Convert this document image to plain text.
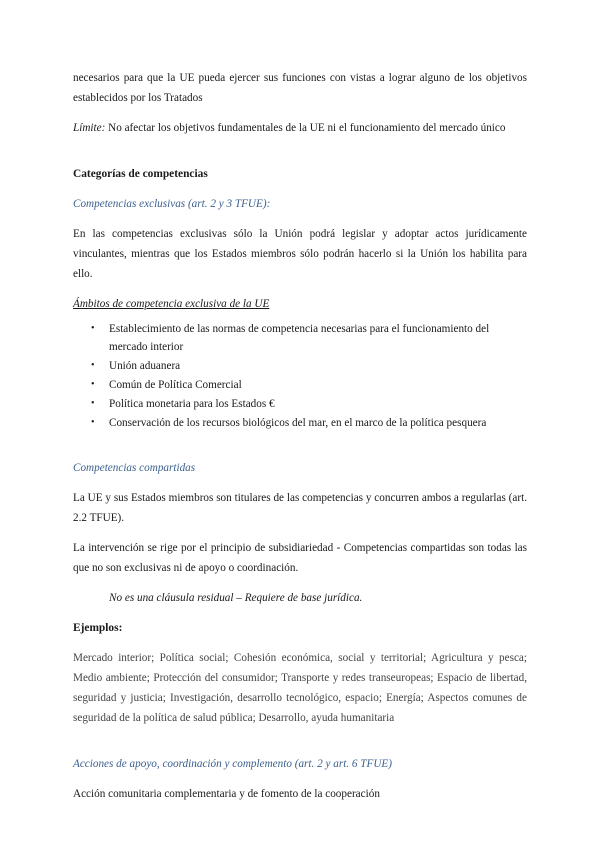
necesarios para que la UE pueda ejercer sus funciones con vistas a lograr alguno de los objetivos establecidos por los Tratados

Límite: No afectar los objetivos fundamentales de la UE ni el funcionamiento del mercado único

Categorías de competencias

Competencias exclusivas (art. 2 y 3 TFUE):

En las competencias exclusivas sólo la Unión podrá legislar y adoptar actos jurídicamente vinculantes, mientras que los Estados miembros sólo podrán hacerlo si la Unión los habilita para ello.

Ámbitos de competencia exclusiva de la UE

• Establecimiento de las normas de competencia necesarias para el funcionamiento del mercado interior
• Unión aduanera
• Común de Política Comercial
• Política monetaria para los Estados €
• Conservación de los recursos biológicos del mar, en el marco de la política pesquera

Competencias compartidas

La UE y sus Estados miembros son titulares de las competencias y concurren ambos a regularlas (art. 2.2 TFUE).

La intervención se rige por el principio de subsidiariedad - Competencias compartidas son todas las que no son exclusivas ni de apoyo o coordinación.

No es una cláusula residual – Requiere de base jurídica.

Ejemplos:

Mercado interior; Política social; Cohesión económica, social y territorial; Agricultura y pesca; Medio ambiente; Protección del consumidor; Transporte y redes transeuropeas; Espacio de libertad, seguridad y justicia; Investigación, desarrollo tecnológico, espacio; Energía; Aspectos comunes de seguridad de la política de salud pública; Desarrollo, ayuda humanitaria

Acciones de apoyo, coordinación y complemento (art. 2 y art. 6 TFUE)

Acción comunitaria complementaria y de fomento de la cooperación
